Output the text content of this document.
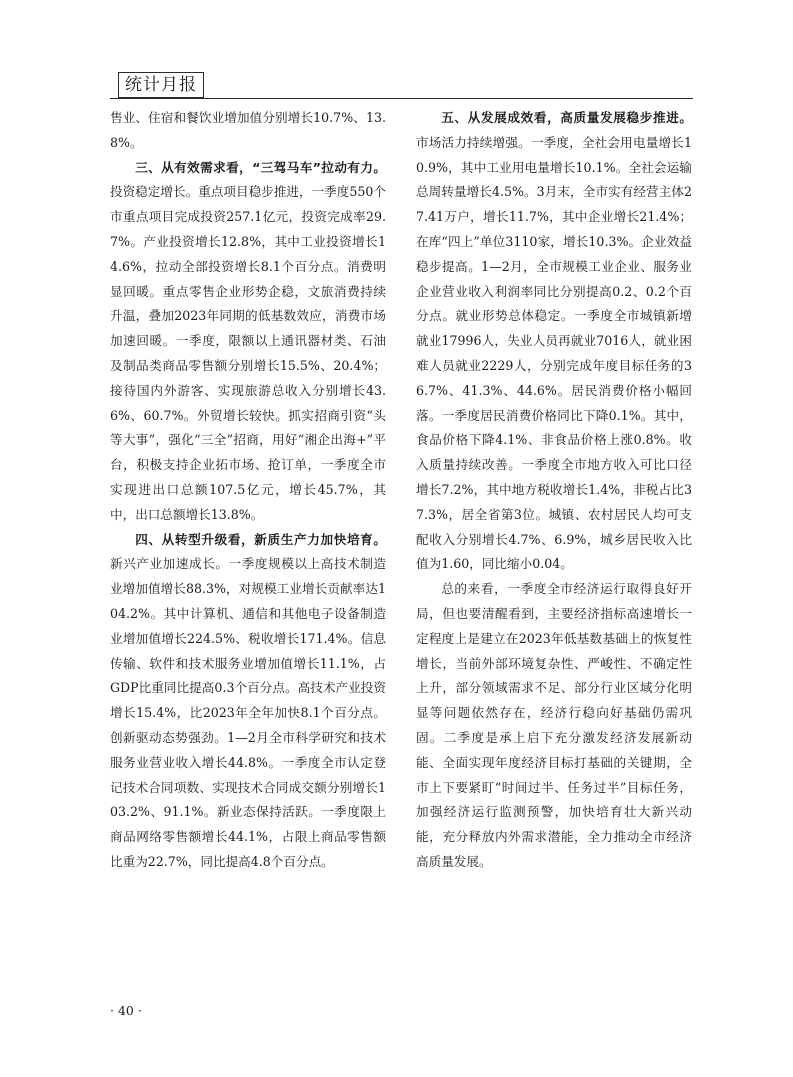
统计月报

售业、住宿和餐饮业增加值分别增长10.7%、13.8%。

三、从有效需求看，“三驾马车”拉动有力。投资稳定增长。重点项目稳步推进，一季度550个市重点项目完成投资257.1亿元，投资完成率29.7%。产业投资增长12.8%，其中工业投资增长14.6%，拉动全部投资增长8.1个百分点。消费明显回暖。重点零售企业形势企稳，文旅消费持续升温，叠加2023年同期的低基数效应，消费市场加速回暖。一季度，限额以上通讯器材类、石油及制品类商品零售额分别增长15.5%、20.4%；接待国内外游客、实现旅游总收入分别增长43.6%、60.7%。外贸增长较快。抓实招商引资“头等大事”，强化“三全”招商，用好“湘企出海+”平台，积极支持企业拓市场、抢订单，一季度全市实现进出口总额107.5亿元，增长45.7%，其中，出口总额增长13.8%。

四、从转型升级看，新质生产力加快培育。新兴产业加速成长。一季度规模以上高技术制造业增加值增长88.3%，对规模工业增长贡献率达104.2%。其中计算机、通信和其他电子设备制造业增加值增长224.5%、税收增长171.4%。信息传输、软件和技术服务业增加值增长11.1%，占GDP比重同比提高0.3个百分点。高技术产业投资增长15.4%，比2023年全年加快8.1个百分点。创新驱动态势强劲。1—2月全市科学研究和技术服务业营业收入增长44.8%。一季度全市认定登记技术合同项数、实现技术合同成交额分别增长103.2%、91.1%。新业态保持活跃。一季度限上商品网络零售额增长44.1%，占限上商品零售额比重为22.7%，同比提高4.8个百分点。

五、从发展成效看，高质量发展稳步推进。市场活力持续增强。一季度，全社会用电量增长10.9%，其中工业用电量增长10.1%。全社会运输总周转量增长4.5%。3月末，全市实有经营主体27.41万户，增长11.7%，其中企业增长21.4%；在库“四上”单位3110家，增长10.3%。企业效益稳步提高。1—2月，全市规模工业企业、服务业企业营业收入利润率同比分别提高0.2、0.2个百分点。就业形势总体稳定。一季度全市城镇新增就业17996人，失业人员再就业7016人，就业困难人员就业2229人，分别完成年度目标任务的36.7%、41.3%、44.6%。居民消费价格小幅回落。一季度居民消费价格同比下降0.1%。其中，食品价格下降4.1%、非食品价格上涨0.8%。收入质量持续改善。一季度全市地方收入可比口径增长7.2%，其中地方税收增长1.4%，非税占比37.3%，居全省第3位。城镇、农村居民人均可支配收入分别增长4.7%、6.9%，城乡居民收入比值为1.60，同比缩小0.04。

总的来看，一季度全市经济运行取得良好开局，但也要清醒看到，主要经济指标高速增长一定程度上是建立在2023年低基数基础上的恢复性增长，当前外部环境复杂性、严峻性、不确定性上升，部分领域需求不足、部分行业区域分化明显等问题依然存在，经济行稳向好基础仍需巩固。二季度是承上启下充分激发经济发展新动能、全面实现年度经济目标打基础的关键期，全市上下要紧盯“时间过半、任务过半”目标任务，加强经济运行监测预警，加快培育壮大新兴动能，充分释放内外需求潜能，全力推动全市经济高质量发展。

· 40 ·
